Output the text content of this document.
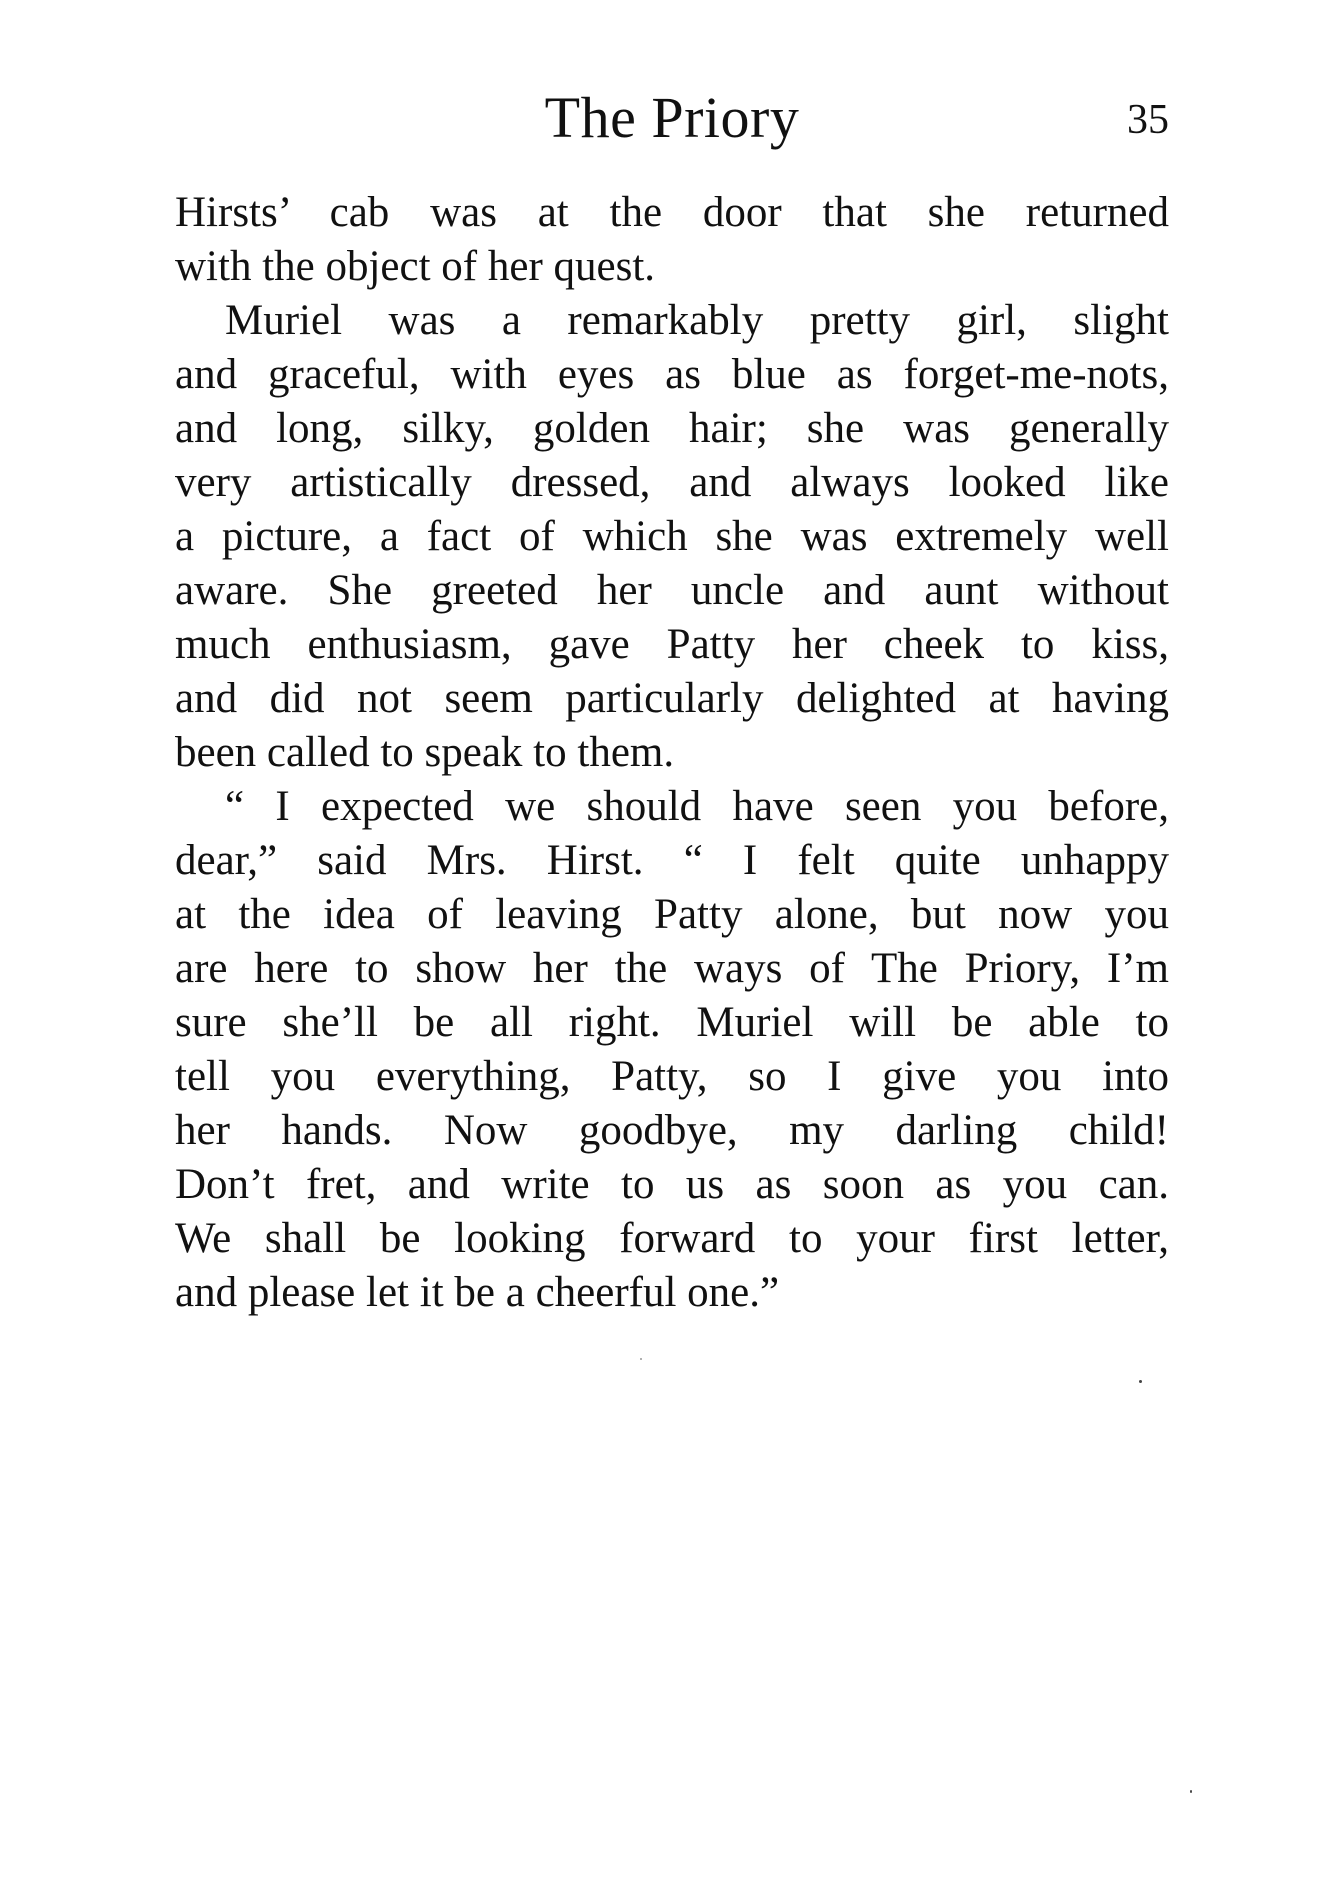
The Priory	35

Hirsts’ cab was at the door that she returned
with the object of her quest.

Muriel was a remarkably pretty girl, slight
and graceful, with eyes as blue as forget-me-nots,
and long, silky, golden hair; she was generally
very artistically dressed, and always looked like
a picture, a fact of which she was extremely well
aware. She greeted her uncle and aunt without
much enthusiasm, gave Patty her cheek to kiss,
and did not seem particularly delighted at having
been called to speak to them.

“ I expected we should have seen you before,
dear,” said Mrs. Hirst. “ I felt quite unhappy
at the idea of leaving Patty alone, but now you
are here to show her the ways of The Priory, I’m
sure she’ll be all right. Muriel will be able to
tell you everything, Patty, so I give you into
her hands. Now goodbye, my darling child!
Don’t fret, and write to us as soon as you can.
We shall be looking forward to your first letter,
and please let it be a cheerful one.”
